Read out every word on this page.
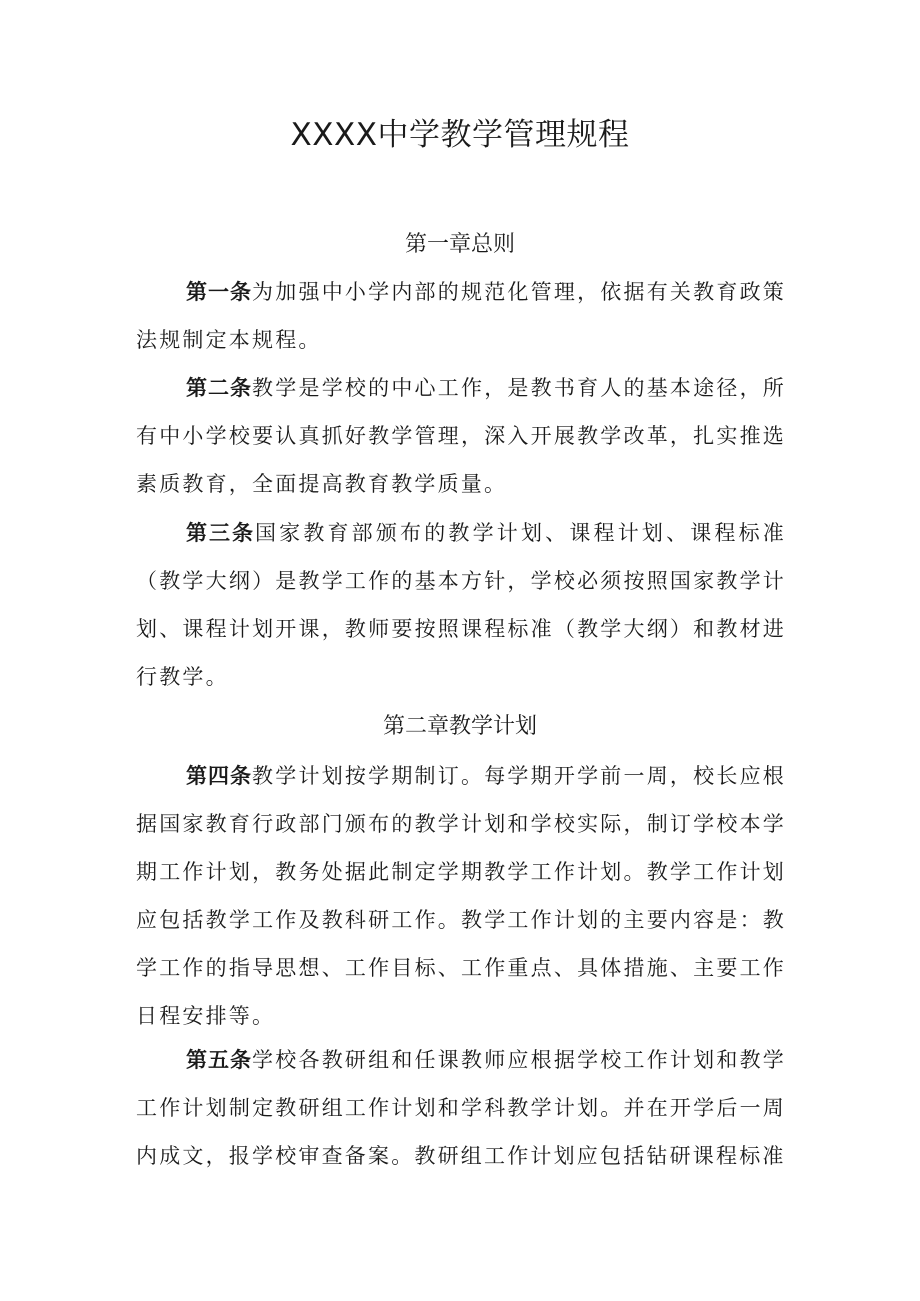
XXXX中学教学管理规程
第一章总则

第一条为加强中小学内部的规范化管理，依据有关教育政策法规制定本规程。

第二条教学是学校的中心工作，是教书育人的基本途径，所有中小学校要认真抓好教学管理，深入开展教学改革，扎实推选素质教育，全面提高教育教学质量。

第三条国家教育部颁布的教学计划、课程计划、课程标准（教学大纲）是教学工作的基本方针，学校必须按照国家教学计划、课程计划开课，教师要按照课程标准（教学大纲）和教材进行教学。

第二章教学计划

第四条教学计划按学期制订。每学期开学前一周，校长应根据国家教育行政部门颁布的教学计划和学校实际，制订学校本学期工作计划，教务处据此制定学期教学工作计划。教学工作计划应包括教学工作及教科研工作。教学工作计划的主要内容是：教学工作的指导思想、工作目标、工作重点、具体措施、主要工作日程安排等。

第五条学校各教研组和任课教师应根据学校工作计划和教学工作计划制定教研组工作计划和学科教学计划。并在开学后一周内成文，报学校审查备案。教研组工作计划应包括钻研课程标准
